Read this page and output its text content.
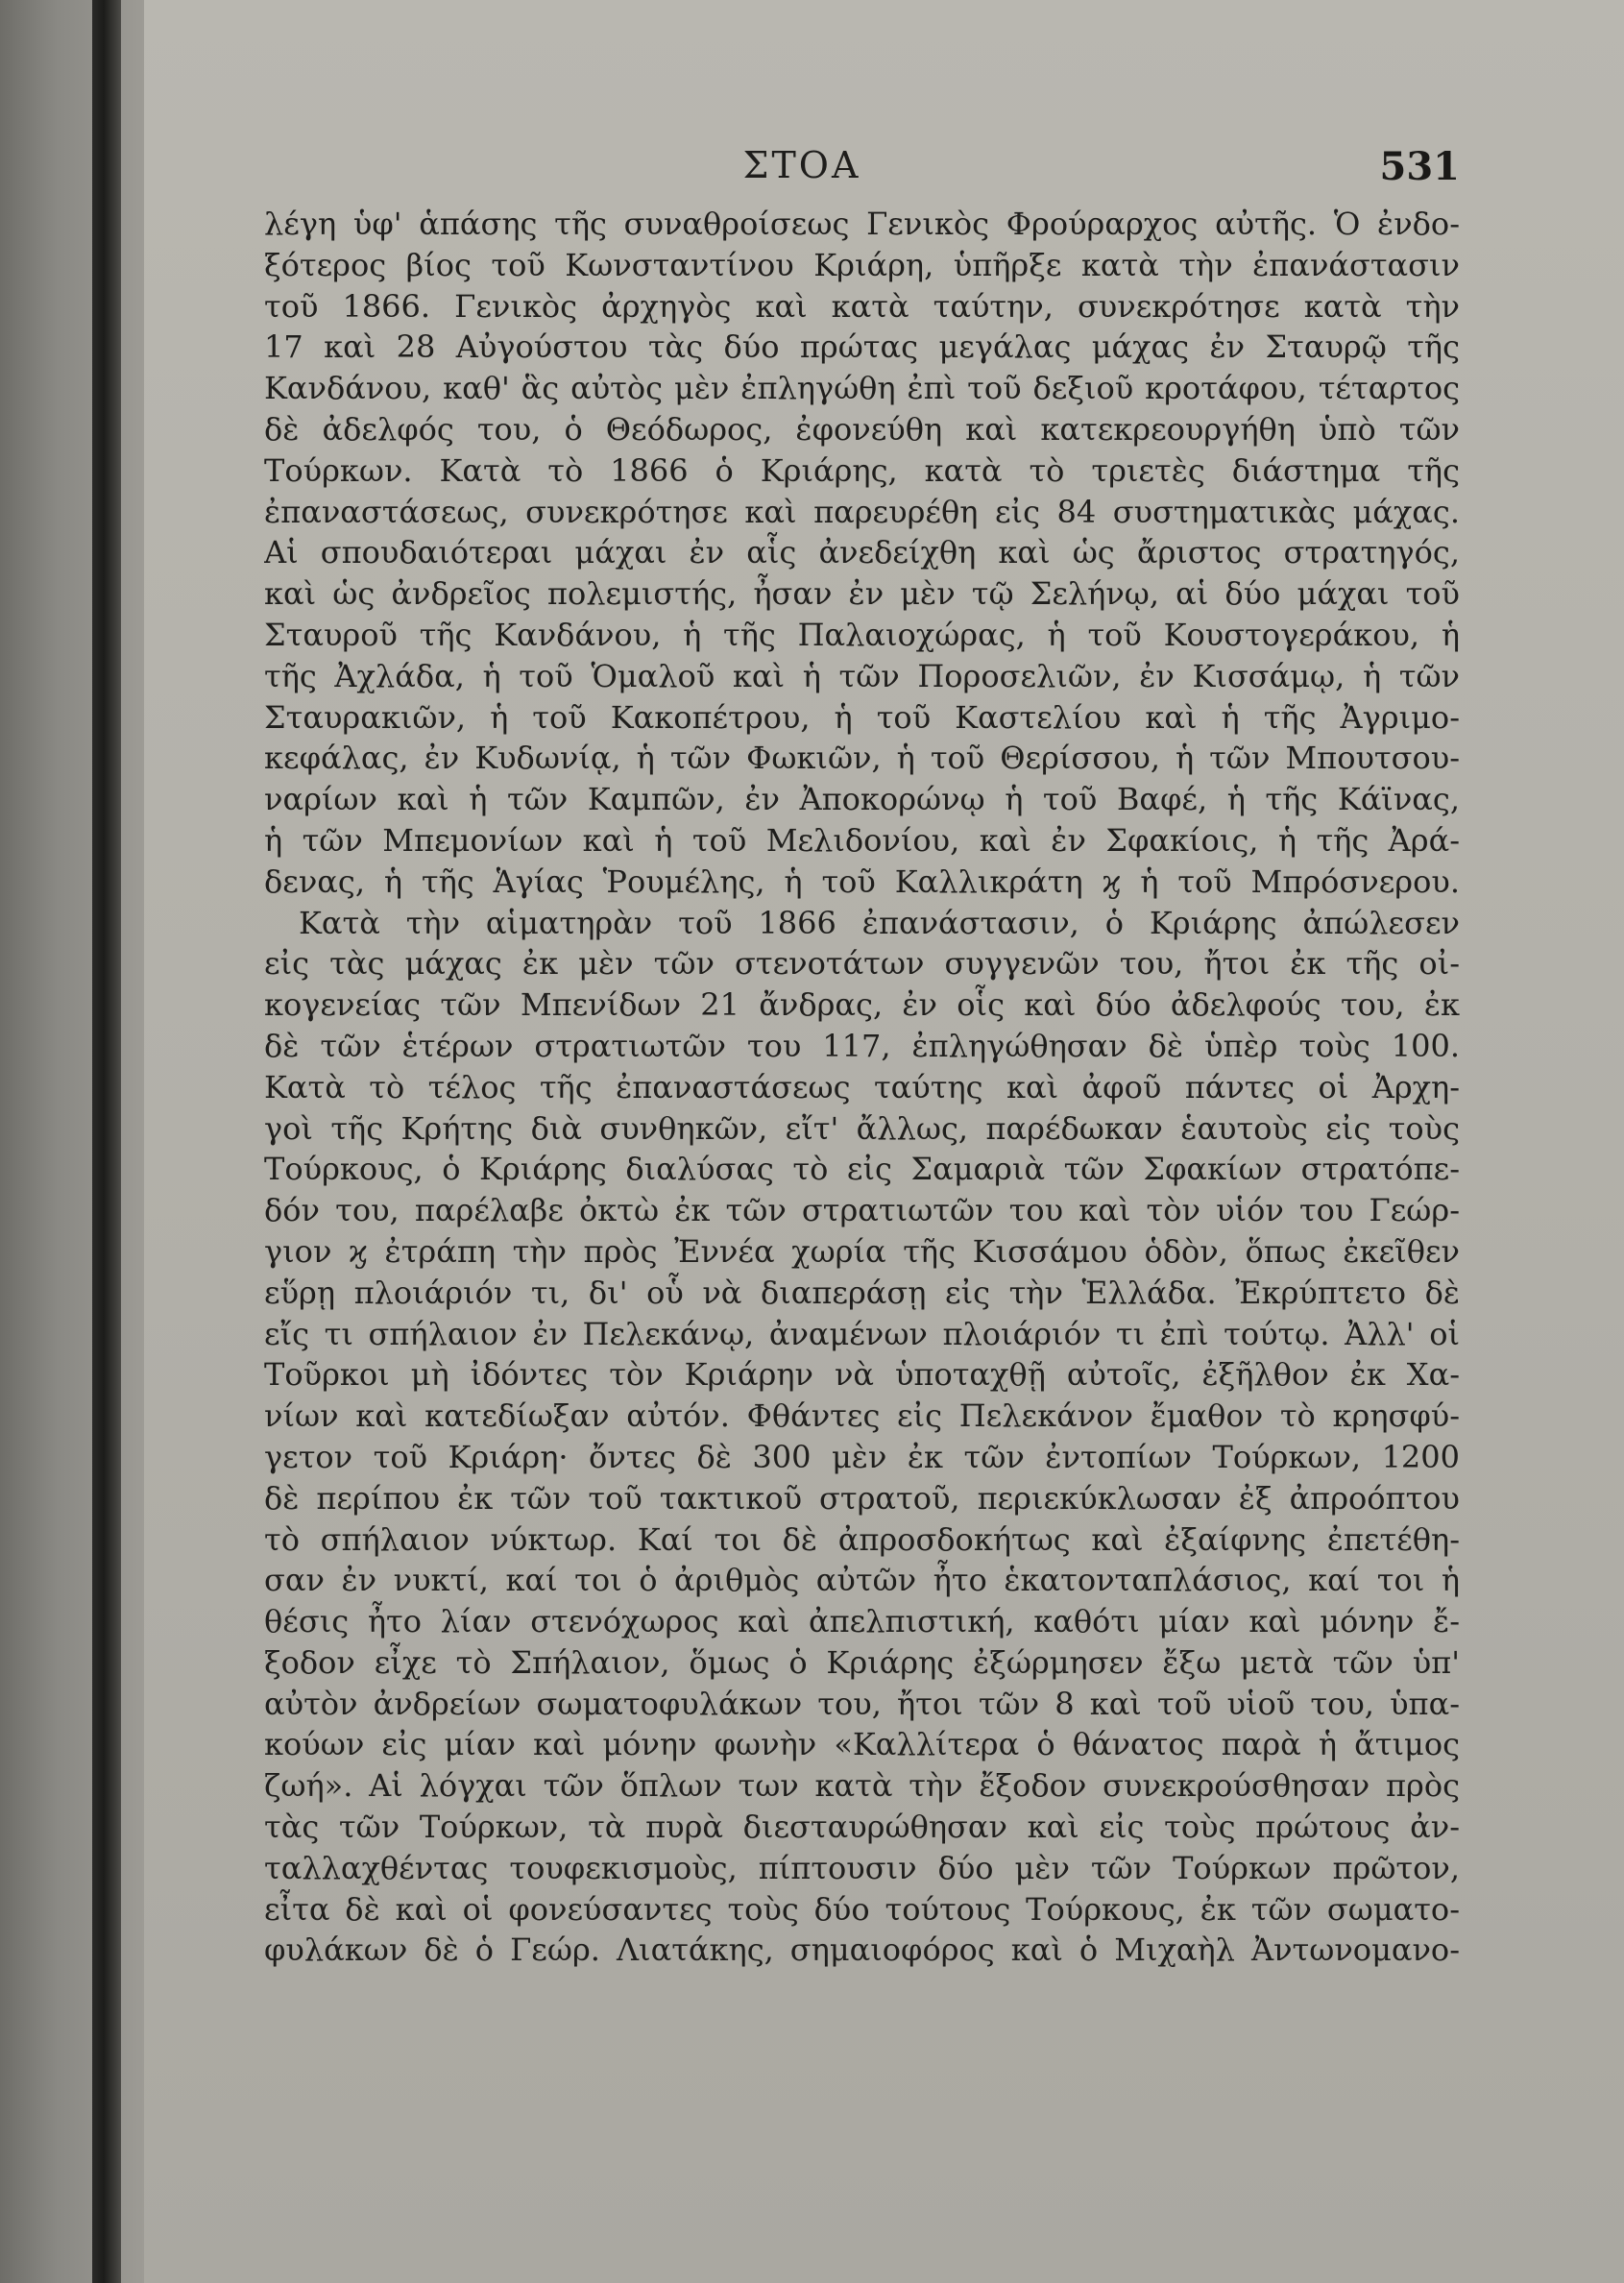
ΣΤΟΑ	531
λέγη ὑφ' ἁπάσης τῆς συναθροίσεως Γενικὸς Φρούραρχος αὐτῆς. Ὁ ἐνδο-
ξότερος βίος τοῦ Κωνσταντίνου Κριάρη, ὑπῆρξε κατὰ τὴν ἐπανάστασιν
τοῦ 1866. Γενικὸς ἀρχηγὸς καὶ κατὰ ταύτην, συνεκρότησε κατὰ τὴν
17 καὶ 28 Αὐγούστου τὰς δύο πρώτας μεγάλας μάχας ἐν Σταυρῷ τῆς
Κανδάνου, καθ' ἃς αὐτὸς μὲν ἐπληγώθη ἐπὶ τοῦ δεξιοῦ κροτάφου, τέταρτος
δὲ ἀδελφός του, ὁ Θεόδωρος, ἐφονεύθη καὶ κατεκρεουργήθη ὑπὸ τῶν
Τούρκων. Κατὰ τὸ 1866 ὁ Κριάρης, κατὰ τὸ τριετὲς διάστημα τῆς
ἐπαναστάσεως, συνεκρότησε καὶ παρευρέθη εἰς 84 συστηματικὰς μάχας.
Αἱ σπουδαιότεραι μάχαι ἐν αἷς ἀνεδείχθη καὶ ὡς ἄριστος στρατηγός,
καὶ ὡς ἀνδρεῖος πολεμιστής, ἦσαν ἐν μὲν τῷ Σελήνῳ, αἱ δύο μάχαι τοῦ
Σταυροῦ τῆς Κανδάνου, ἡ τῆς Παλαιοχώρας, ἡ τοῦ Κουστογεράκου, ἡ
τῆς Ἀχλάδα, ἡ τοῦ Ὁμαλοῦ καὶ ἡ τῶν Ποροσελιῶν, ἐν Κισσάμῳ, ἡ τῶν
Σταυρακιῶν, ἡ τοῦ Κακοπέτρου, ἡ τοῦ Καστελίου καὶ ἡ τῆς Ἀγριμο-
κεφάλας, ἐν Κυδωνίᾳ, ἡ τῶν Φωκιῶν, ἡ τοῦ Θερίσσου, ἡ τῶν Μπουτσου-
ναρίων καὶ ἡ τῶν Καμπῶν, ἐν Ἀποκορώνῳ ἡ τοῦ Βαφέ, ἡ τῆς Κάϊνας,
ἡ τῶν Μπεμονίων καὶ ἡ τοῦ Μελιδονίου, καὶ ἐν Σφακίοις, ἡ τῆς Ἀρά-
δενας, ἡ τῆς Ἁγίας Ῥουμέλης, ἡ τοῦ Καλλικράτη ϗ ἡ τοῦ Μπρόσνερου.
Κατὰ τὴν αἱματηρὰν τοῦ 1866 ἐπανάστασιν, ὁ Κριάρης ἀπώλεσεν
εἰς τὰς μάχας ἐκ μὲν τῶν στενοτάτων συγγενῶν του, ἤτοι ἐκ τῆς οἰ-
κογενείας τῶν Μπενίδων 21 ἄνδρας, ἐν οἷς καὶ δύο ἀδελφούς του, ἐκ
δὲ τῶν ἑτέρων στρατιωτῶν του 117, ἐπληγώθησαν δὲ ὑπὲρ τοὺς 100.
Κατὰ τὸ τέλος τῆς ἐπαναστάσεως ταύτης καὶ ἀφοῦ πάντες οἱ Ἀρχη-
γοὶ τῆς Κρήτης διὰ συνθηκῶν, εἴτ' ἄλλως, παρέδωκαν ἑαυτοὺς εἰς τοὺς
Τούρκους, ὁ Κριάρης διαλύσας τὸ εἰς Σαμαριὰ τῶν Σφακίων στρατόπε-
δόν του, παρέλαβε ὀκτὼ ἐκ τῶν στρατιωτῶν του καὶ τὸν υἱόν του Γεώρ-
γιον ϗ ἐτράπη τὴν πρὸς Ἐννέα χωρία τῆς Κισσάμου ὁδὸν, ὅπως ἐκεῖθεν
εὕρῃ πλοιάριόν τι, δι' οὗ νὰ διαπεράσῃ εἰς τὴν Ἑλλάδα. Ἐκρύπτετο δὲ
εἴς τι σπήλαιον ἐν Πελεκάνῳ, ἀναμένων πλοιάριόν τι ἐπὶ τούτῳ. Ἀλλ' οἱ
Τοῦρκοι μὴ ἰδόντες τὸν Κριάρην νὰ ὑποταχθῇ αὐτοῖς, ἐξῆλθον ἐκ Χα-
νίων καὶ κατεδίωξαν αὐτόν. Φθάντες εἰς Πελεκάνον ἔμαθον τὸ κρησφύ-
γετον τοῦ Κριάρη· ὄντες δὲ 300 μὲν ἐκ τῶν ἐντοπίων Τούρκων, 1200
δὲ περίπου ἐκ τῶν τοῦ τακτικοῦ στρατοῦ, περιεκύκλωσαν ἐξ ἀπροόπτου
τὸ σπήλαιον νύκτωρ. Καί τοι δὲ ἀπροσδοκήτως καὶ ἐξαίφνης ἐπετέθη-
σαν ἐν νυκτί, καί τοι ὁ ἀριθμὸς αὐτῶν ἦτο ἑκατονταπλάσιος, καί τοι ἡ
θέσις ἦτο λίαν στενόχωρος καὶ ἀπελπιστική, καθότι μίαν καὶ μόνην ἔ-
ξοδον εἶχε τὸ Σπήλαιον, ὅμως ὁ Κριάρης ἐξώρμησεν ἔξω μετὰ τῶν ὑπ'
αὐτὸν ἀνδρείων σωματοφυλάκων του, ἤτοι τῶν 8 καὶ τοῦ υἱοῦ του, ὑπα-
κούων εἰς μίαν καὶ μόνην φωνὴν «Καλλίτερα ὁ θάνατος παρὰ ἡ ἄτιμος
ζωή». Αἱ λόγχαι τῶν ὅπλων των κατὰ τὴν ἔξοδον συνεκρούσθησαν πρὸς
τὰς τῶν Τούρκων, τὰ πυρὰ διεσταυρώθησαν καὶ εἰς τοὺς πρώτους ἀν-
ταλλαχθέντας τουφεκισμοὺς, πίπτουσιν δύο μὲν τῶν Τούρκων πρῶτον,
εἶτα δὲ καὶ οἱ φονεύσαντες τοὺς δύο τούτους Τούρκους, ἐκ τῶν σωματο-
φυλάκων δὲ ὁ Γεώρ. Λιατάκης, σημαιοφόρος καὶ ὁ Μιχαὴλ Ἀντωνομανο-
